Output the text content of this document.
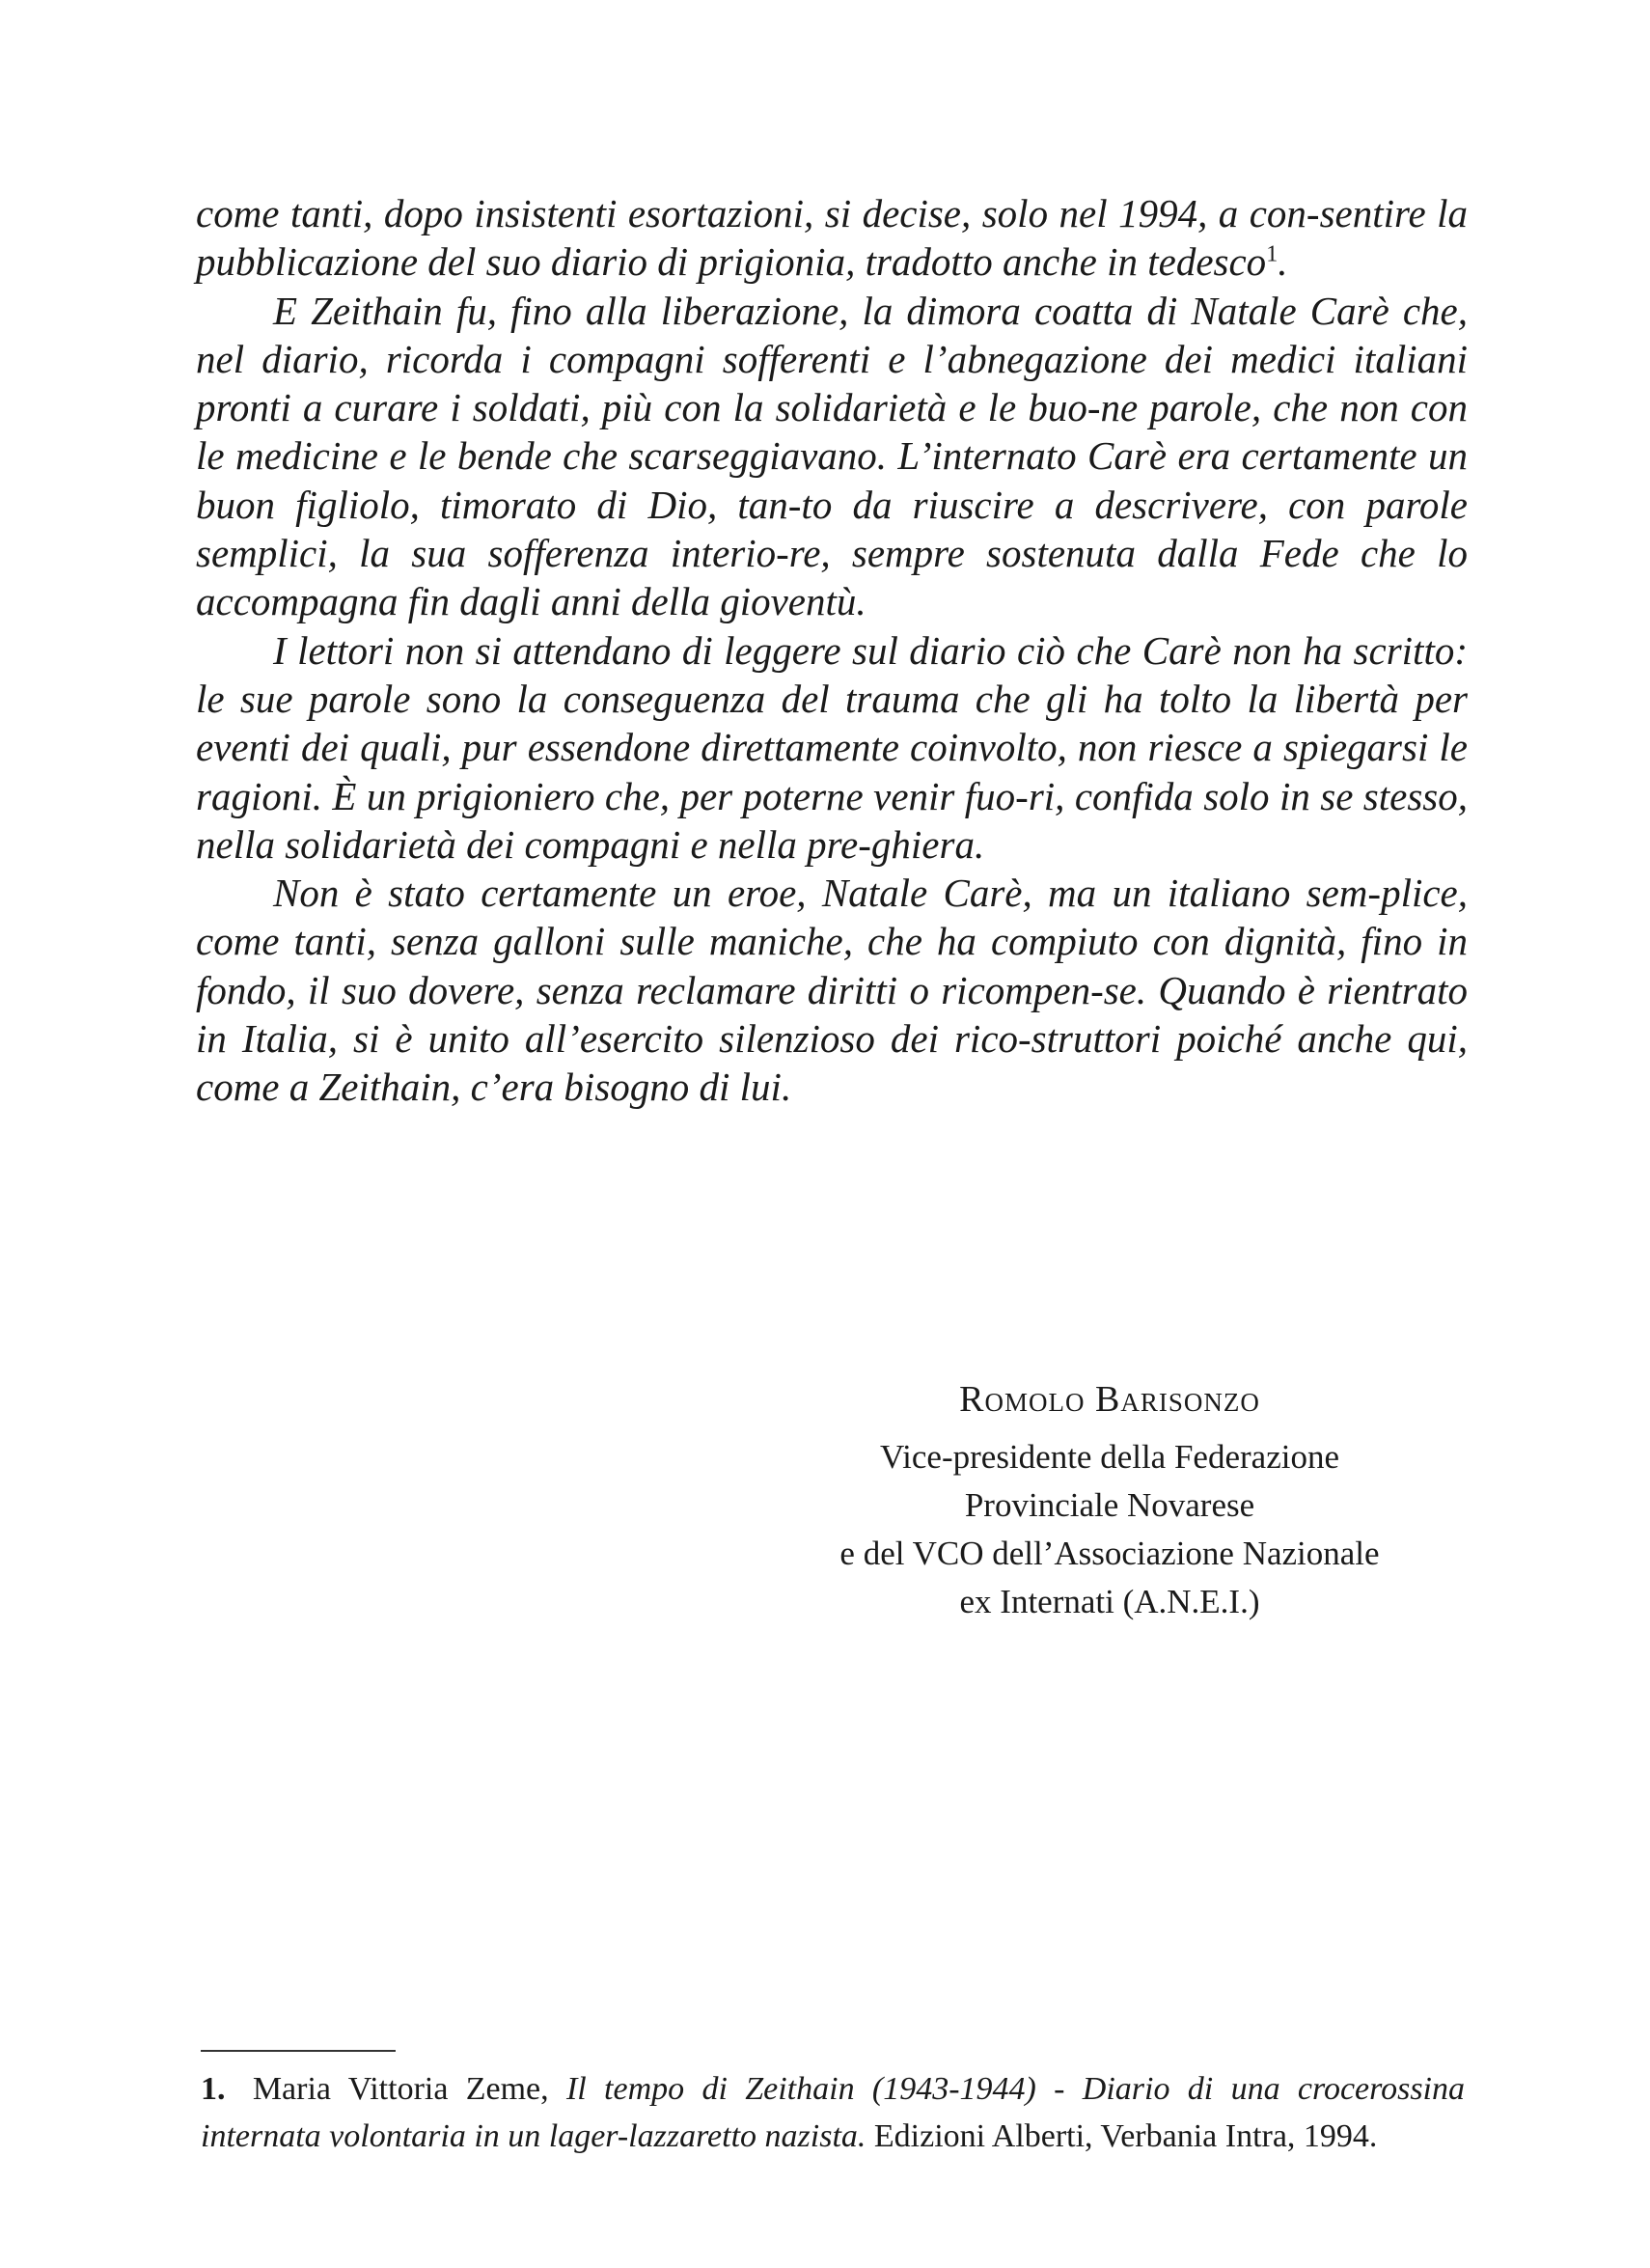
come tanti, dopo insistenti esortazioni, si decise, solo nel 1994, a con-sentire la pubblicazione del suo diario di prigionia, tradotto anche in tedesco$^1$.

E Zeithain fu, fino alla liberazione, la dimora coatta di Natale Carè che, nel diario, ricorda i compagni sofferenti e l’abnegazione dei medici italiani pronti a curare i soldati, più con la solidarietà e le buo-ne parole, che non con le medicine e le bende che scarseggiavano. L’internato Carè era certamente un buon figliolo, timorato di Dio, tan-to da riuscire a descrivere, con parole semplici, la sua sofferenza interio-re, sempre sostenuta dalla Fede che lo accompagna fin dagli anni della gioventù.

I lettori non si attendano di leggere sul diario ciò che Carè non ha scritto: le sue parole sono la conseguenza del trauma che gli ha tolto la libertà per eventi dei quali, pur essendone direttamente coinvolto, non riesce a spiegarsi le ragioni. È un prigioniero che, per poterne venir fuo-ri, confida solo in se stesso, nella solidarietà dei compagni e nella pre-ghiera.

Non è stato certamente un eroe, Natale Carè, ma un italiano sem-plice, come tanti, senza galloni sulle maniche, che ha compiuto con dignità, fino in fondo, il suo dovere, senza reclamare diritti o ricompen-se. Quando è rientrato in Italia, si è unito all’esercito silenzioso dei rico-struttori poiché anche qui, come a Zeithain, c’era bisogno di lui.

Romolo Barisonzo
Vice-presidente della Federazione
Provinciale Novarese
e del VCO dell’Associazione Nazionale
ex Internati (A.N.E.I.)
1. Maria Vittoria Zeme, Il tempo di Zeithain (1943-1944) - Diario di una crocerossina internata volontaria in un lager-lazzaretto nazista. Edizioni Alberti, Verbania Intra, 1994.
